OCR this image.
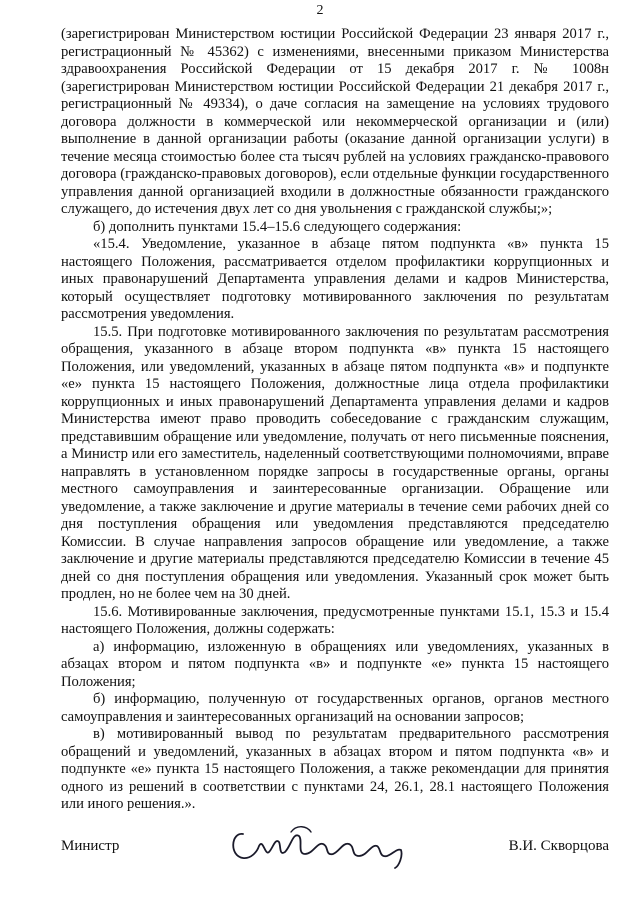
2

(зарегистрирован Министерством юстиции Российской Федерации 23 января 2017 г., регистрационный № 45362) с изменениями, внесенными приказом Министерства здравоохранения Российской Федерации от 15 декабря 2017 г. № 1008н (зарегистрирован Министерством юстиции Российской Федерации 21 декабря 2017 г., регистрационный № 49334), о даче согласия на замещение на условиях трудового договора должности в коммерческой или некоммерческой организации и (или) выполнение в данной организации работы (оказание данной организации услуги) в течение месяца стоимостью более ста тысяч рублей на условиях гражданско-правового договора (гражданско-правовых договоров), если отдельные функции государственного управления данной организацией входили в должностные обязанности гражданского служащего, до истечения двух лет со дня увольнения с гражданской службы;»;

б) дополнить пунктами 15.4–15.6 следующего содержания:

«15.4. Уведомление, указанное в абзаце пятом подпункта «в» пункта 15 настоящего Положения, рассматривается отделом профилактики коррупционных и иных правонарушений Департамента управления делами и кадров Министерства, который осуществляет подготовку мотивированного заключения по результатам рассмотрения уведомления.

15.5. При подготовке мотивированного заключения по результатам рассмотрения обращения, указанного в абзаце втором подпункта «в» пункта 15 настоящего Положения, или уведомлений, указанных в абзаце пятом подпункта «в» и подпункте «е» пункта 15 настоящего Положения, должностные лица отдела профилактики коррупционных и иных правонарушений Департамента управления делами и кадров Министерства имеют право проводить собеседование с гражданским служащим, представившим обращение или уведомление, получать от него письменные пояснения, а Министр или его заместитель, наделенный соответствующими полномочиями, вправе направлять в установленном порядке запросы в государственные органы, органы местного самоуправления и заинтересованные организации. Обращение или уведомление, а также заключение и другие материалы в течение семи рабочих дней со дня поступления обращения или уведомления представляются председателю Комиссии. В случае направления запросов обращение или уведомление, а также заключение и другие материалы представляются председателю Комиссии в течение 45 дней со дня поступления обращения или уведомления. Указанный срок может быть продлен, но не более чем на 30 дней.

15.6. Мотивированные заключения, предусмотренные пунктами 15.1, 15.3 и 15.4 настоящего Положения, должны содержать:

а) информацию, изложенную в обращениях или уведомлениях, указанных в абзацах втором и пятом подпункта «в» и подпункте «е» пункта 15 настоящего Положения;

б) информацию, полученную от государственных органов, органов местного самоуправления и заинтересованных организаций на основании запросов;

в) мотивированный вывод по результатам предварительного рассмотрения обращений и уведомлений, указанных в абзацах втором и пятом подпункта «в» и подпункте «е» пункта 15 настоящего Положения, а также рекомендации для принятия одного из решений в соответствии с пунктами 24, 26.1, 28.1 настоящего Положения или иного решения.».

Министр	В.И. Скворцова
